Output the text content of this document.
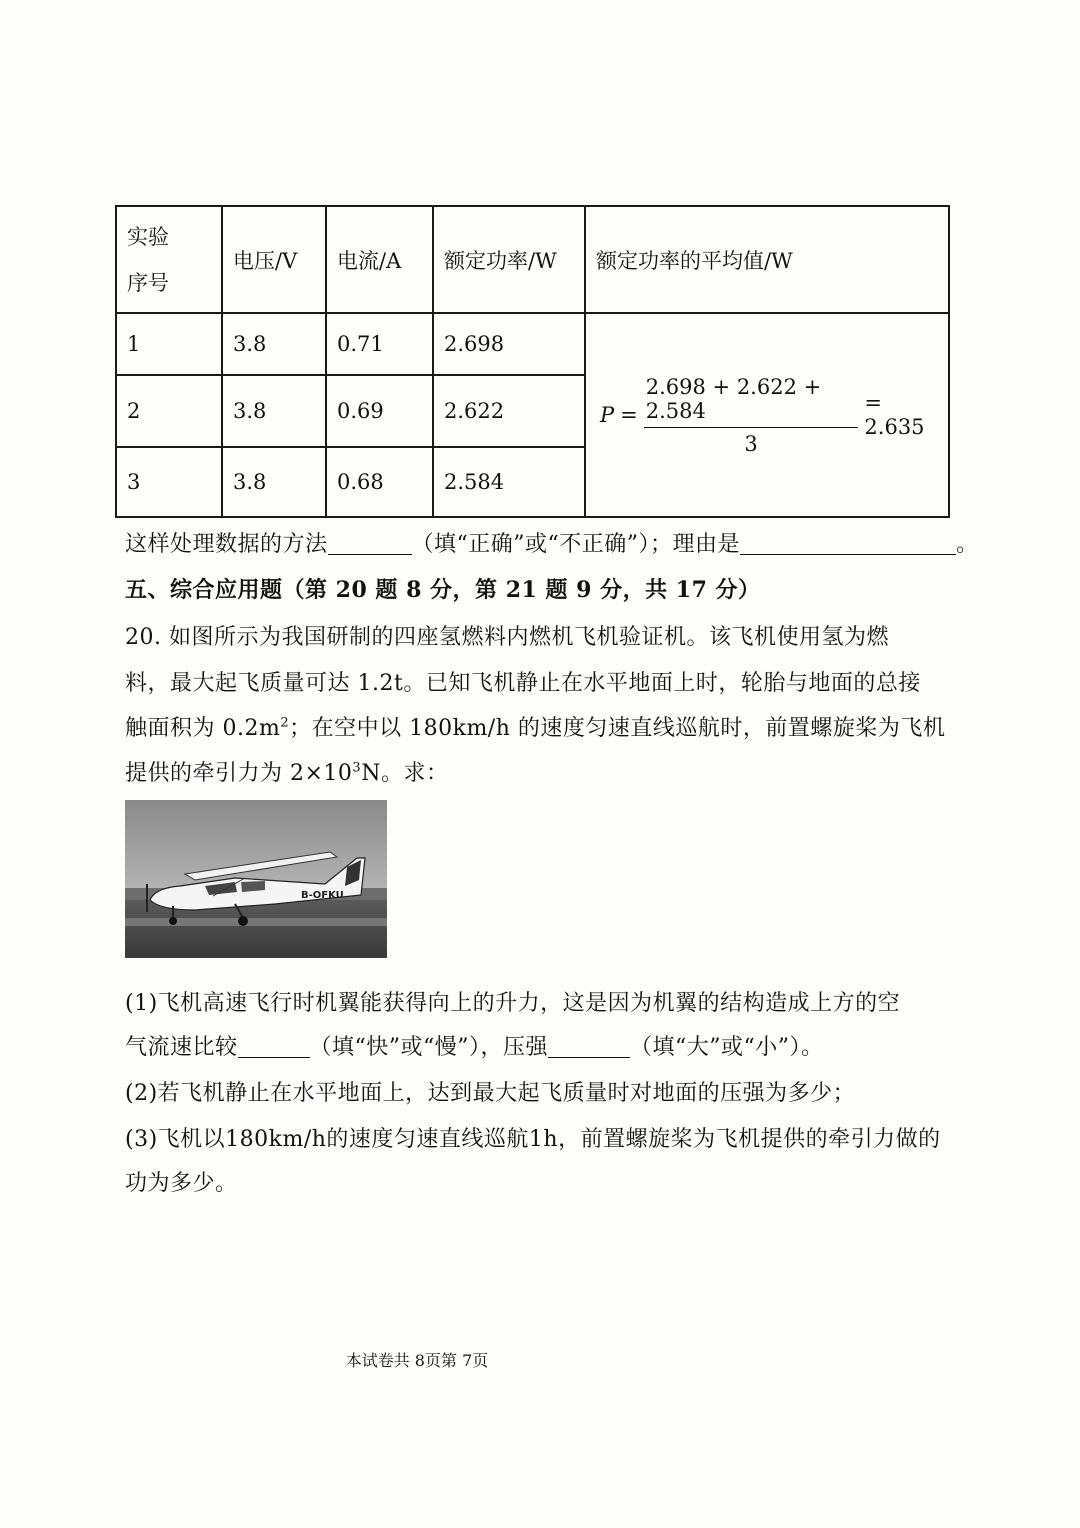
实验
序号	电压/V	电流/A	额定功率/W	额定功率的平均值/W
1	3.8	0.71	2.698	$P = \frac{2.698 + 2.622 + 2.584}{3} = 2.635$

2	3.8	0.69	2.622	
3	3.8	0.68	2.584	
这样处理数据的方法	（填“正确”或“不正确”）；理由是	。
五、综合应用题（第 20 题 8 分，第 21 题 9 分，共 17 分）
20. 如图所示为我国研制的四座氢燃料内燃机飞机验证机。该飞机使用氢为燃
料，最大起飞质量可达 1.2t。已知飞机静止在水平地面上时，轮胎与地面的总接
触面积为 $0.2m^2$；在空中以 180km/h 的速度匀速直线巡航时，前置螺旋桨为飞机
提供的牵引力为 $2\times 10^3N$。求：
B-OFKU
(1)飞机高速飞行时机翼能获得向上的升力，这是因为机翼的结构造成上方的空
气流速比较	（填“快”或“慢”），压强	（填“大”或“小”）。
(2)若飞机静止在水平地面上，达到最大起飞质量时对地面的压强为多少；
(3)飞机以180km/h的速度匀速直线巡航1h，前置螺旋桨为飞机提供的牵引力做的
功为多少。
本试卷共 8页第 7页
